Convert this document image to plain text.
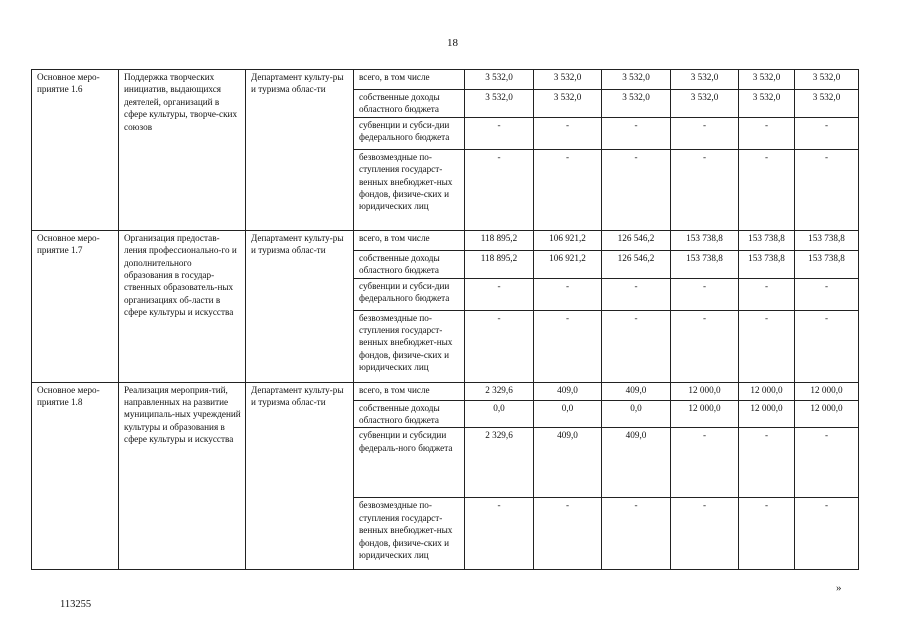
18
Основное меро-
приятие 1.6	Поддержка творческих инициатив, выдающихся деятелей, организаций в сфере культуры, творче-ских союзов	Департамент культу-ры и туризма облас-ти	всего, в том числе	3 532,0	3 532,0	3 532,0	3 532,0	3 532,0	3 532,0
			собственные доходы областного бюджета	3 532,0	3 532,0	3 532,0	3 532,0	3 532,0	3 532,0
			субвенции и субси-дии федерального бюджета	-	-	-	-	-	-
			безвозмездные по-ступления государст-венных внебюджет-ных фондов, физиче-ских и юридических лиц	-	-	-	-	-	-
Основное меро-
приятие 1.7	Организация предостав-ления профессионально-го и дополнительного образования в государ-ственных образователь-ных организациях об-ласти в сфере культуры и искусства	Департамент культу-ры и туризма облас-ти	всего, в том числе	118 895,2	106 921,2	126 546,2	153 738,8	153 738,8	153 738,8
			собственные доходы областного бюджета	118 895,2	106 921,2	126 546,2	153 738,8	153 738,8	153 738,8
			субвенции и субси-дии федерального бюджета	-	-	-	-	-	-
			безвозмездные по-ступления государст-венных внебюджет-ных фондов, физиче-ских и юридических лиц	-	-	-	-	-	-
Основное меро-
приятие 1.8	Реализация мероприя-тий, направленных на развитие муниципаль-ных учреждений культуры и образования в сфере культуры и искусства	Департамент культу-ры и туризма облас-ти	всего, в том числе	2 329,6	409,0	409,0	12 000,0	12 000,0	12 000,0
			собственные доходы областного бюджета	0,0	0,0	0,0	12 000,0	12 000,0	12 000,0
			субвенции и субсидии федераль-ного бюджета	2 329,6	409,0	409,0	-	-	-
			безвозмездные по-ступления государст-венных внебюджет-ных фондов, физиче-ских и юридических лиц	-	-	-	-	-	-
»
113255
